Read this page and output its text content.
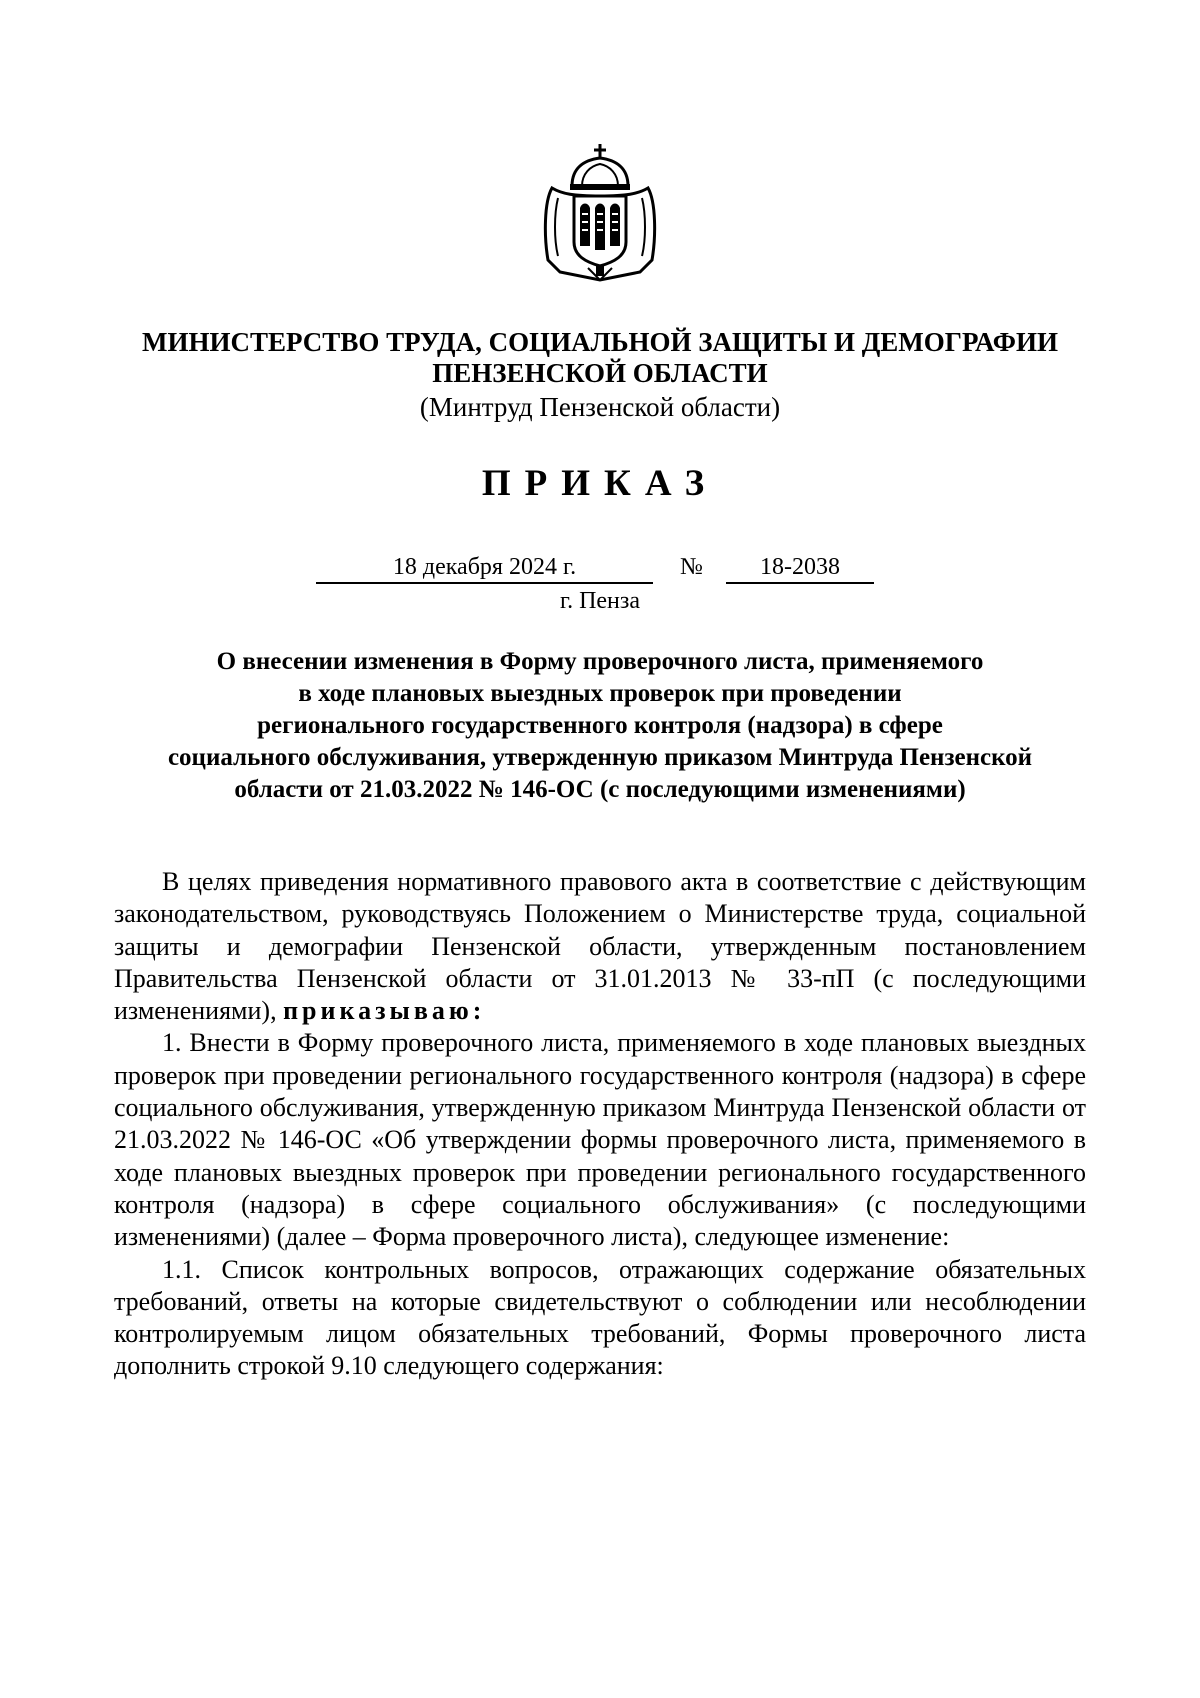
МИНИСТЕРСТВО ТРУДА, СОЦИАЛЬНОЙ ЗАЩИТЫ И ДЕМОГРАФИИ
ПЕНЗЕНСКОЙ ОБЛАСТИ
(Минтруд Пензенской области)
ПРИКАЗ
18 декабря 2024 г.	№	18-2038
г. Пенза
О внесении изменения в Форму проверочного листа, применяемого
в ходе плановых выездных проверок при проведении
регионального государственного контроля (надзора) в сфере
социального обслуживания, утвержденную приказом Минтруда Пензенской
области от 21.03.2022 № 146-ОС (с последующими изменениями)

В целях приведения нормативного правового акта в соответствие с действующим законодательством, руководствуясь Положением о Министерстве труда, социальной защиты и демографии Пензенской области, утвержденным постановлением Правительства Пензенской области от 31.01.2013 № 33-пП (с последующими изменениями), приказываю:

1. Внести в Форму проверочного листа, применяемого в ходе плановых выездных проверок при проведении регионального государственного контроля (надзора) в сфере социального обслуживания, утвержденную приказом Минтруда Пензенской области от 21.03.2022 № 146-ОС «Об утверждении формы проверочного листа, применяемого в ходе плановых выездных проверок при проведении регионального государственного контроля (надзора) в сфере социального обслуживания» (с последующими изменениями) (далее – Форма проверочного листа), следующее изменение:

1.1. Список контрольных вопросов, отражающих содержание обязательных требований, ответы на которые свидетельствуют о соблюдении или несоблюдении контролируемым лицом обязательных требований, Формы проверочного листа дополнить строкой 9.10 следующего содержания:
